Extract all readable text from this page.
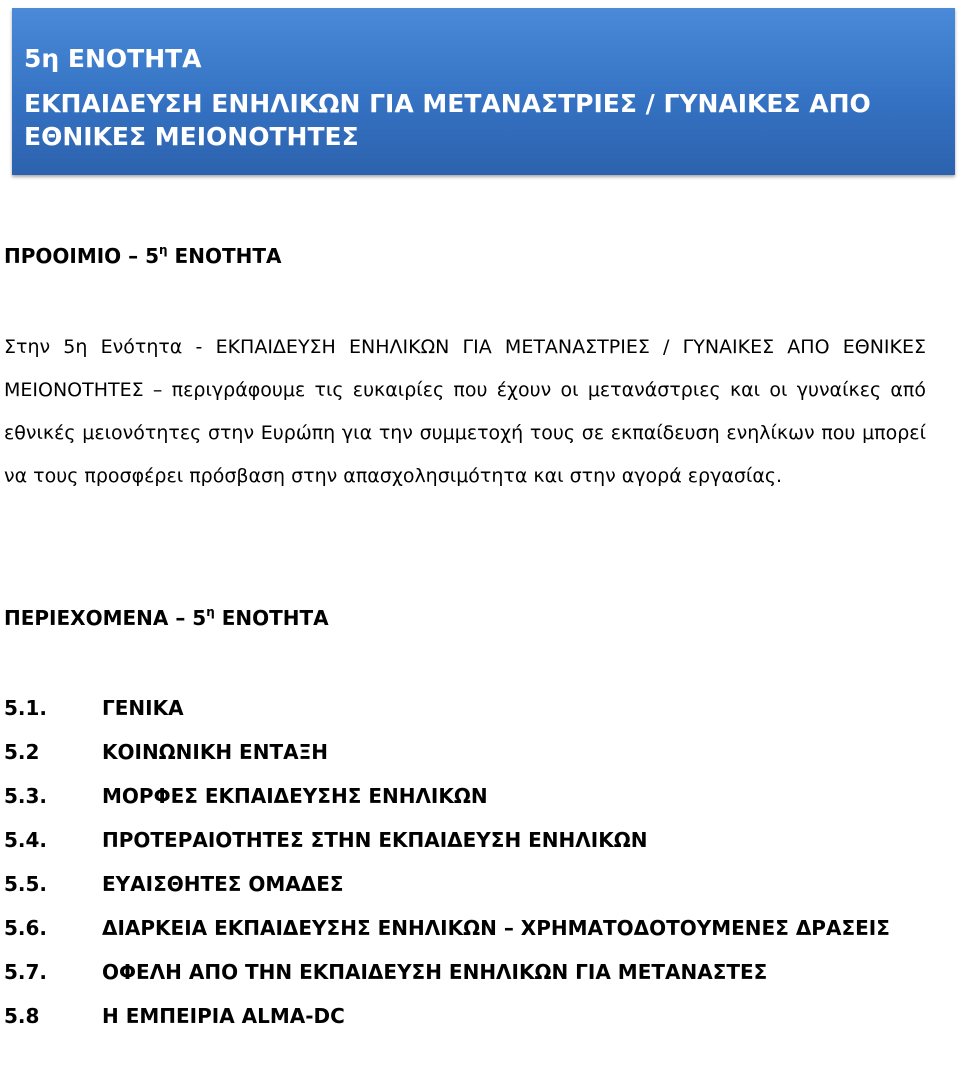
5η ΕΝΟΤΗΤΑ
ΕΚΠΑΙΔΕΥΣΗ ΕΝΗΛΙΚΩΝ ΓΙΑ ΜΕΤΑΝΑΣΤΡΙΕΣ / ΓΥΝΑΙΚΕΣ ΑΠΟ ΕΘΝΙΚΕΣ ΜΕΙΟΝΟΤΗΤΕΣ
ΠΡΟΟΙΜΙΟ – $5^\eta$ ΕΝΟΤΗΤΑ

Στην 5η Ενότητα - ΕΚΠΑΙΔΕΥΣΗ ΕΝΗΛΙΚΩΝ ΓΙΑ ΜΕΤΑΝΑΣΤΡΙΕΣ / ΓΥΝΑΙΚΕΣ ΑΠΟ ΕΘΝΙΚΕΣ ΜΕΙΟΝΟΤΗΤΕΣ – περιγράφουμε τις ευκαιρίες που έχουν οι μετανάστριες και οι γυναίκες από εθνικές μειονότητες στην Ευρώπη για την συμμετοχή τους σε εκπαίδευση ενηλίκων που μπορεί να τους προσφέρει πρόσβαση στην απασχολησιμότητα και στην αγορά εργασίας.

ΠΕΡΙΕΧΟΜΕΝΑ – $5^\eta$ ΕΝΟΤΗΤΑ
5.1.	ΓΕΝΙΚΑ
5.2	ΚΟΙΝΩΝΙΚΗ ΕΝΤΑΞΗ
5.3.	ΜΟΡΦΕΣ ΕΚΠΑΙΔΕΥΣΗΣ ΕΝΗΛΙΚΩΝ
5.4.	ΠΡΟΤΕΡΑΙΟΤΗΤΕΣ ΣΤΗΝ ΕΚΠΑΙΔΕΥΣΗ ΕΝΗΛΙΚΩΝ
5.5.	ΕΥΑΙΣΘΗΤΕΣ ΟΜΑΔΕΣ
5.6.	ΔΙΑΡΚΕΙΑ ΕΚΠΑΙΔΕΥΣΗΣ ΕΝΗΛΙΚΩΝ – ΧΡΗΜΑΤΟΔΟΤΟΥΜΕΝΕΣ ΔΡΑΣΕΙΣ
5.7.	ΟΦΕΛΗ ΑΠΟ ΤΗΝ ΕΚΠΑΙΔΕΥΣΗ ΕΝΗΛΙΚΩΝ ΓΙΑ ΜΕΤΑΝΑΣΤΕΣ
5.8	Η ΕΜΠΕΙΡΙΑ ALMA-DC
